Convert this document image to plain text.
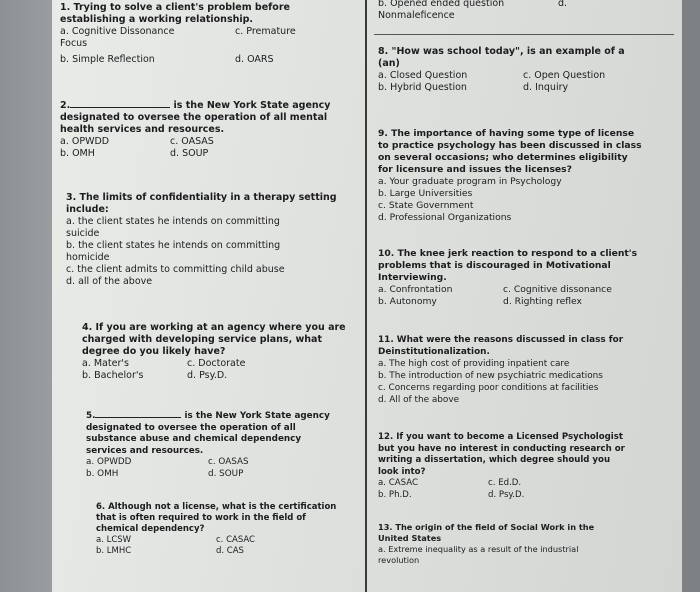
1. Trying to solve a client's problem before
establishing a working relationship.
a. Cognitive Dissonance	c. Premature
Focus
b. Simple Reflection	d. OARS
2.	is the New York State agency
designated to oversee the operation of all mental
health services and resources.
a. OPWDD	c. OASAS
b. OMH	d. SOUP
3. The limits of confidentiality in a therapy setting
include:
a. the client states he intends on committing
suicide
b. the client states he intends on committing
homicide
c. the client admits to committing child abuse
d. all of the above
4. If you are working at an agency where you are
charged with developing service plans, what
degree do you likely have?
a. Mater's	c. Doctorate
b. Bachelor's	d. Psy.D.
5.	is the New York State agency
designated to oversee the operation of all
substance abuse and chemical dependency
services and resources.
a. OPWDD	c. OASAS
b. OMH	d. SOUP
6. Although not a license, what is the certification
that is often required to work in the field of
chemical dependency?
a. LCSW	c. CASAC
b. LMHC	d. CAS
b. Opened ended question	d.
Nonmaleficence
8. "How was school today", is an example of a
(an)
a. Closed Question	c. Open Question
b. Hybrid Question	d. Inquiry
9. The importance of having some type of license
to practice psychology has been discussed in class
on several occasions; who determines eligibility
for licensure and issues the licenses?
a. Your graduate program in Psychology
b. Large Universities
c. State Government
d. Professional Organizations
10. The knee jerk reaction to respond to a client's
problems that is discouraged in Motivational
Interviewing.
a. Confrontation	c. Cognitive dissonance
b. Autonomy	d. Righting reflex
11. What were the reasons discussed in class for
Deinstitutionalization.
a. The high cost of providing inpatient care
b. The introduction of new psychiatric medications
c. Concerns regarding poor conditions at facilities
d. All of the above
12. If you want to become a Licensed Psychologist
but you have no interest in conducting research or
writing a dissertation, which degree should you
look into?
a. CASAC	c. Ed.D.
b. Ph.D.	d. Psy.D.
13. The origin of the field of Social Work in the
United States
a. Extreme inequality as a result of the industrial
revolution
